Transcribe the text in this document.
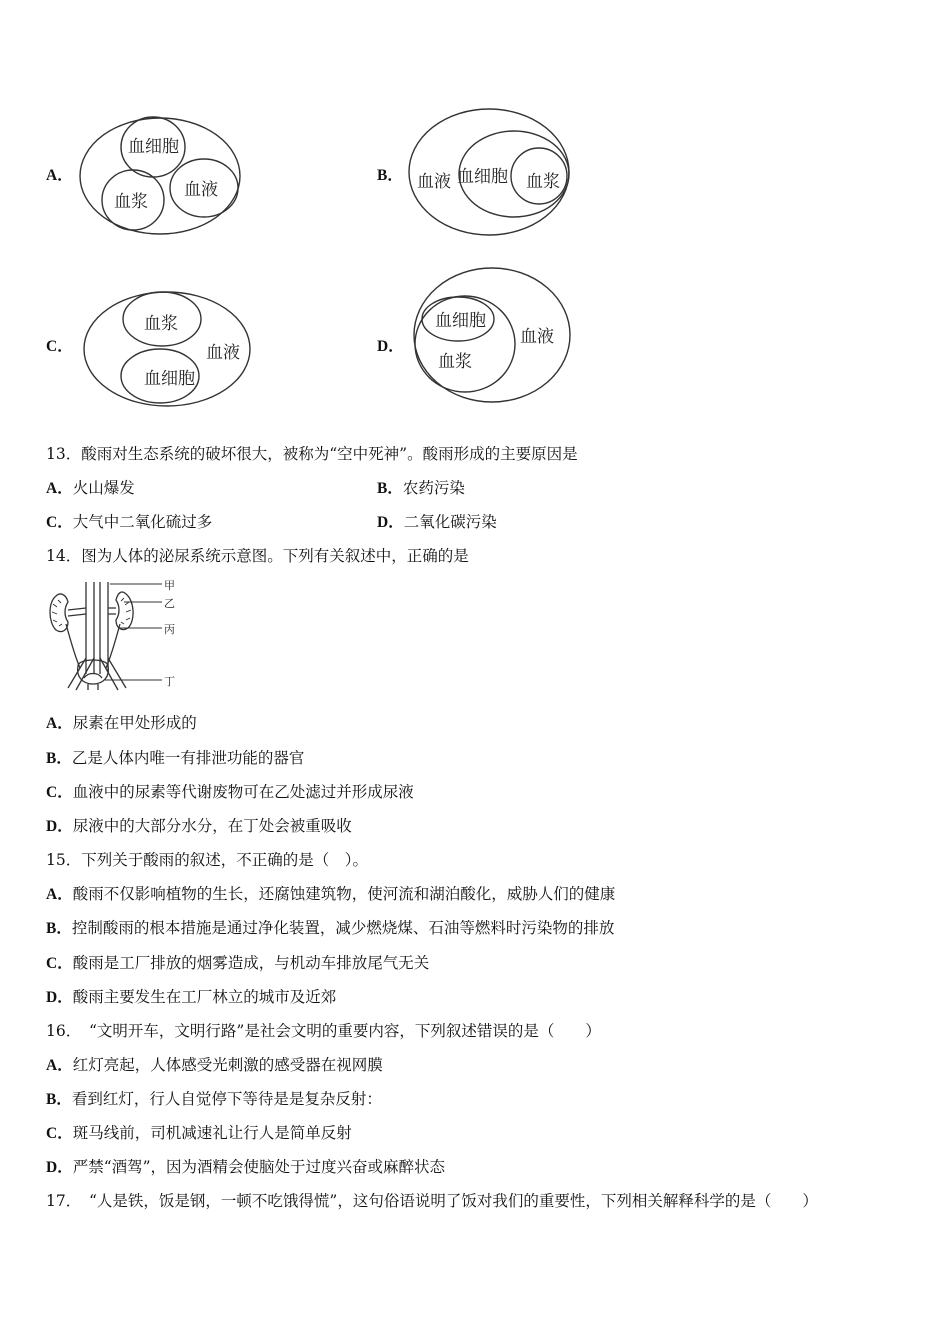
A．
血细胞
血浆
血液
B． 血液 血细胞 血浆
C．
血浆
血细胞
血液	D．
血细胞
血浆
血液
13．酸雨对生态系统的破坏很大，被称为“空中死神”。酸雨形成的主要原因是
A．火山爆发	B．农药污染
C．大气中二氧化硫过多	D．二氧化碳污染
14．图为人体的泌尿系统示意图。下列有关叙述中，正确的是
甲
乙
丙
丁
A．尿素在甲处形成的
B．乙是人体内唯一有排泄功能的器官
C．血液中的尿素等代谢废物可在乙处滤过并形成尿液
D．尿液中的大部分水分，在丁处会被重吸收
15．下列关于酸雨的叙述，不正确的是（　）。
A．酸雨不仅影响植物的生长，还腐蚀建筑物，使河流和湖泊酸化，威胁人们的健康
B．控制酸雨的根本措施是通过净化装置，减少燃烧煤、石油等燃料时污染物的排放
C．酸雨是工厂排放的烟雾造成，与机动车排放尾气无关
D．酸雨主要发生在工厂林立的城市及近郊
16．　“文明开车，文明行路”是社会文明的重要内容，下列叙述错误的是（　　）
A．红灯亮起，人体感受光刺激的感受器在视网膜
B．看到红灯，行人自觉停下等待是是复杂反射：
C．斑马线前，司机减速礼让行人是简单反射
D．严禁“酒驾”，因为酒精会使脑处于过度兴奋或麻醉状态
17．　“人是铁，饭是钢，一顿不吃饿得慌”，这句俗语说明了饭对我们的重要性，下列相关解释科学的是（　　）
